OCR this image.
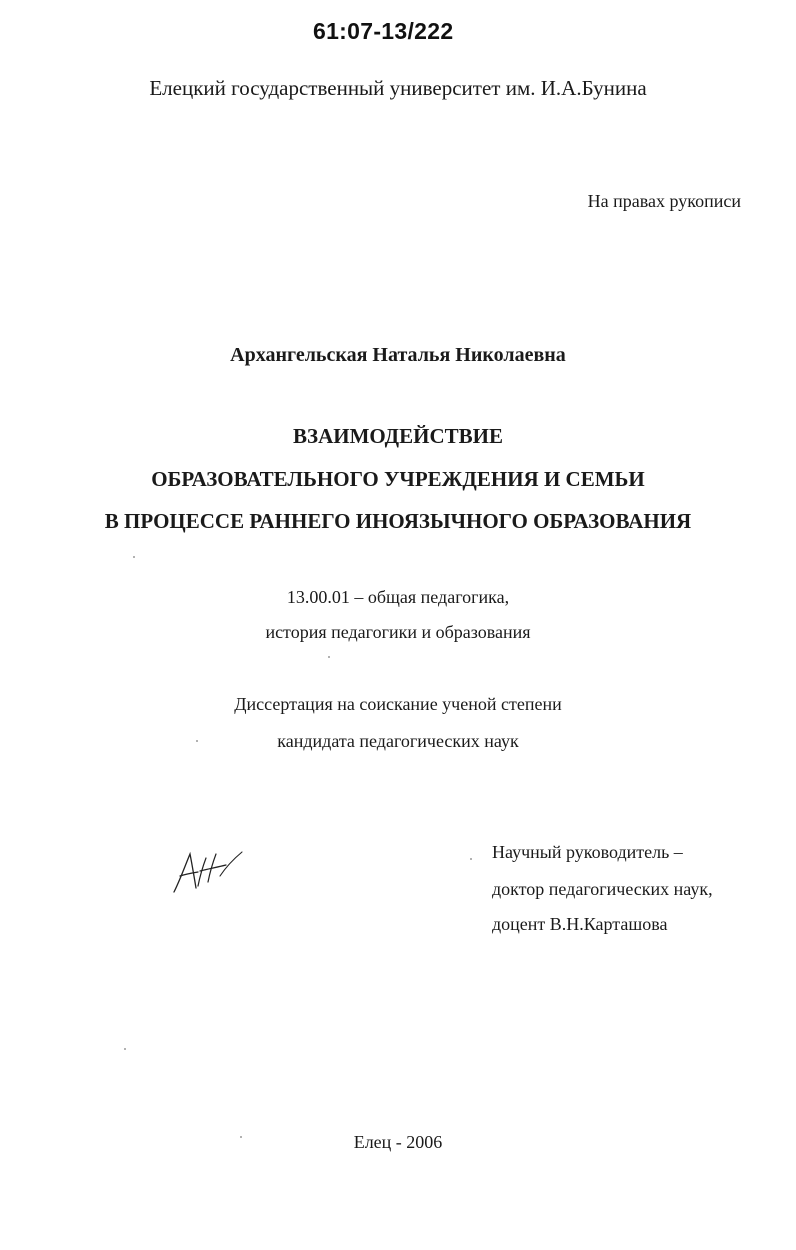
61:07-13/222
Елецкий государственный университет им. И.А.Бунина
На правах рукописи
Архангельская Наталья Николаевна
ВЗАИМОДЕЙСТВИЕ
ОБРАЗОВАТЕЛЬНОГО УЧРЕЖДЕНИЯ И СЕМЬИ
В ПРОЦЕССЕ РАННЕГО ИНОЯЗЫЧНОГО ОБРАЗОВАНИЯ
13.00.01 – общая педагогика,
история педагогики и образования
Диссертация на соискание ученой степени
кандидата педагогических наук
Научный руководитель –
доктор педагогических наук,
доцент В.Н.Карташова
Елец - 2006
